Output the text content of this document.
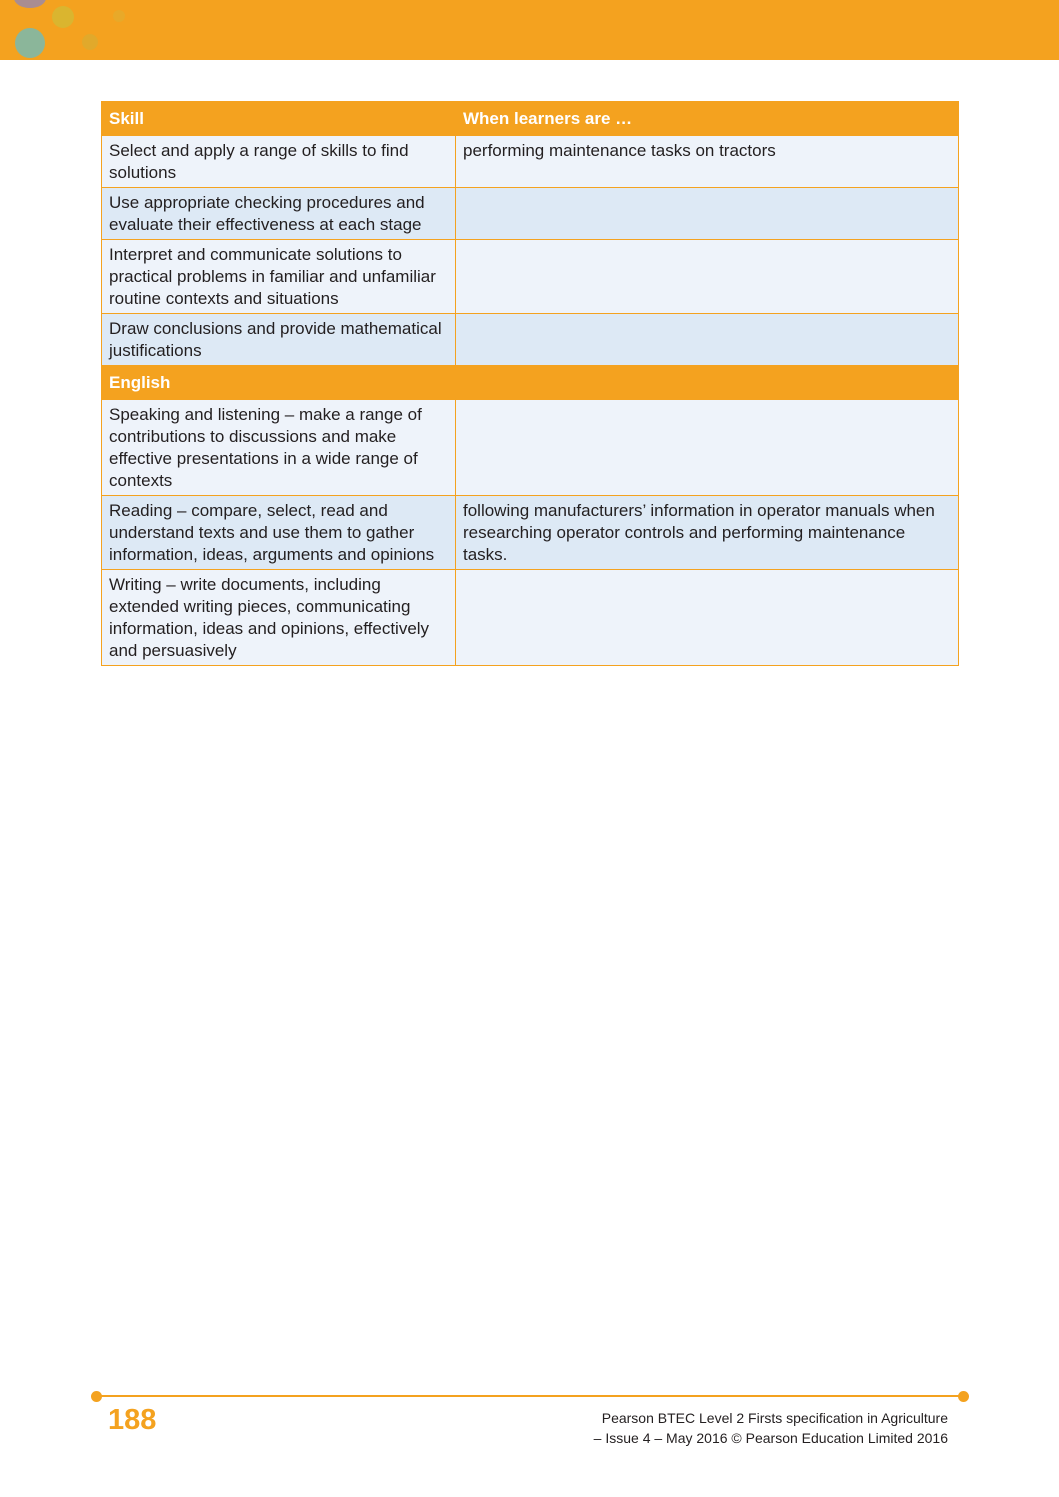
Skill	When learners are …
Select and apply a range of skills to find solutions	performing maintenance tasks on tractors
Use appropriate checking procedures and evaluate their effectiveness at each stage	
Interpret and communicate solutions to practical problems in familiar and unfamiliar routine contexts and situations	
Draw conclusions and provide mathematical justifications	
English	
Speaking and listening – make a range of contributions to discussions and make effective presentations in a wide range of contexts	
Reading – compare, select, read and understand texts and use them to gather information, ideas, arguments and opinions	following manufacturers’ information in operator manuals when researching operator controls and performing maintenance tasks.
Writing – write documents, including extended writing pieces, communicating information, ideas and opinions, effectively and persuasively	
188	Pearson BTEC Level 2 Firsts specification in Agriculture
– Issue 4 – May 2016 © Pearson Education Limited 2016
